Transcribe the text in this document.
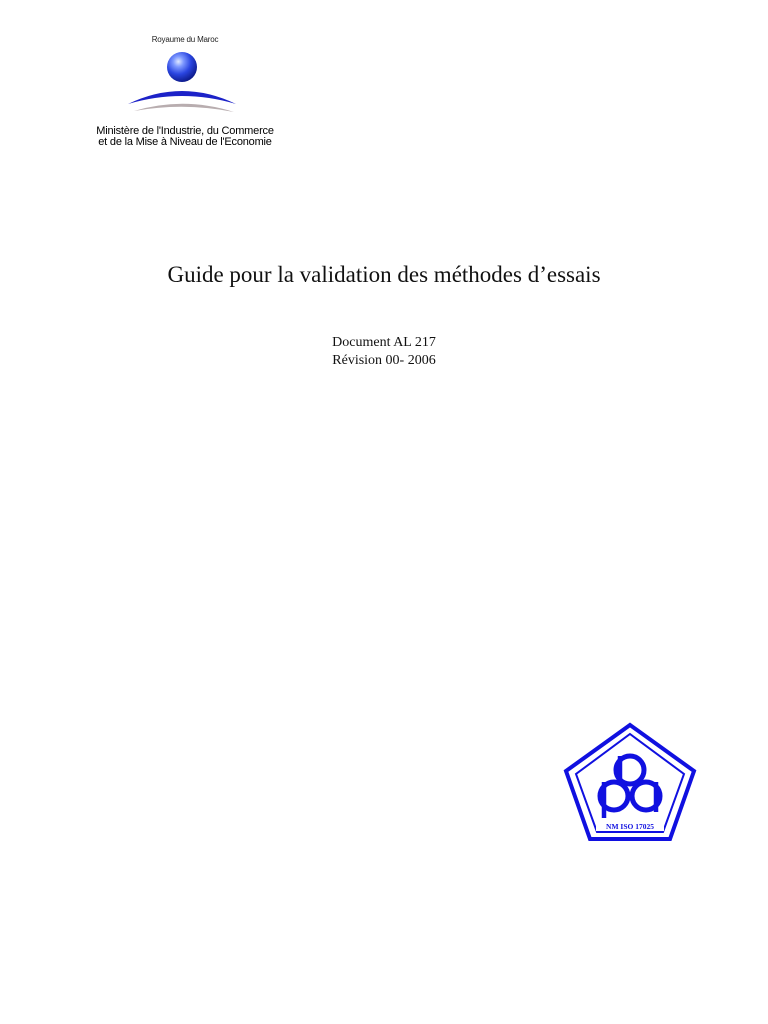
Royaume du Maroc
Ministère de l'Industrie, du Commerce
et de la Mise à Niveau de l'Economie
Guide pour la validation des méthodes d’essais
Document AL 217
Révision 00- 2006
NM ISO 17025
